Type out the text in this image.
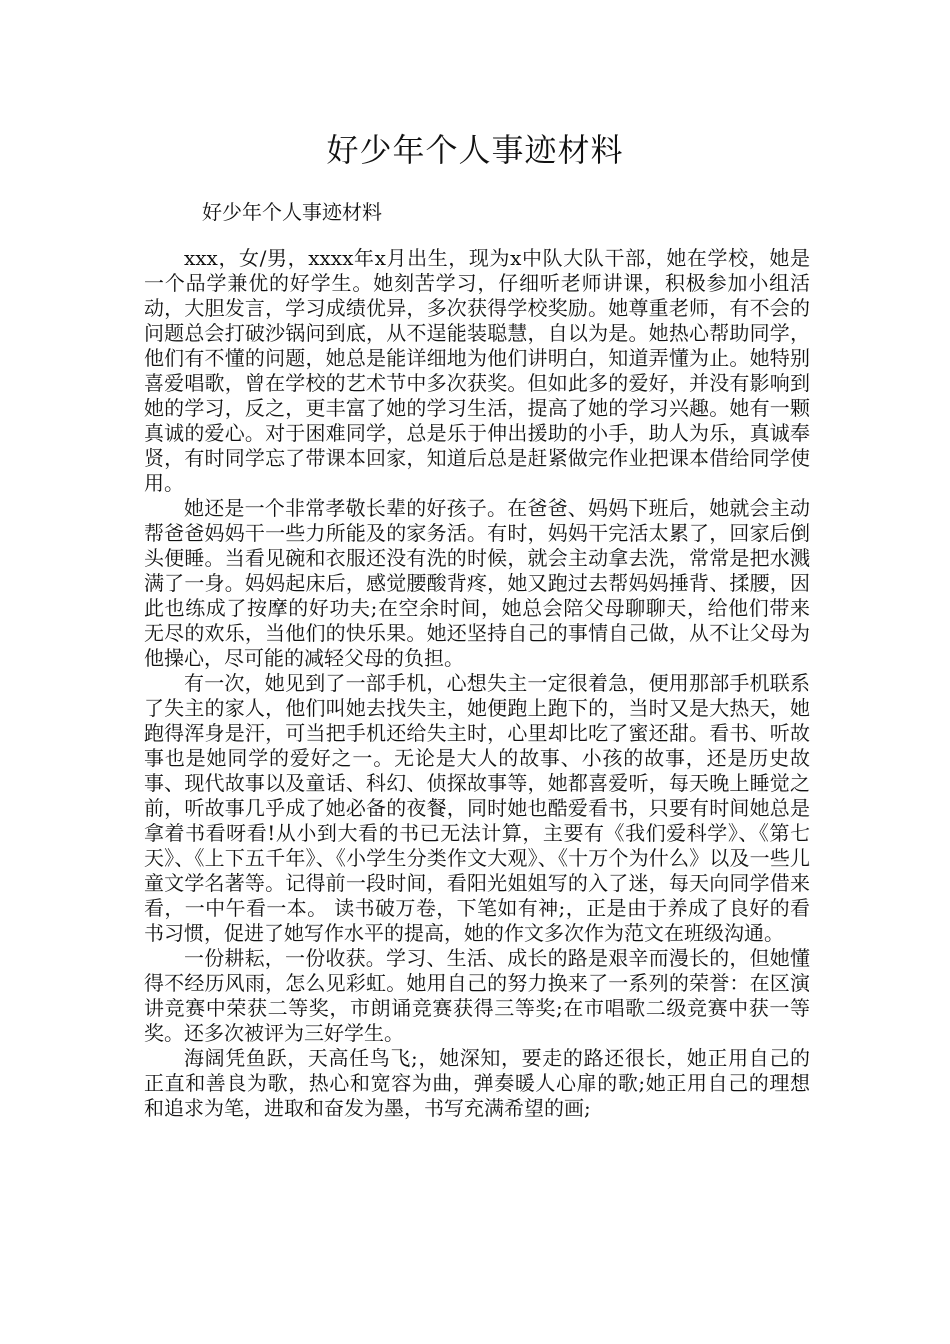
好少年个人事迹材料

好少年个人事迹材料

xxx，女/男，xxxx年x月出生，现为x中队大队干部，她在学校，她是一个品学兼优的好学生。她刻苦学习，仔细听老师讲课，积极参加小组活动，大胆发言，学习成绩优异，多次获得学校奖励。她尊重老师，有不会的问题总会打破沙锅问到底，从不逞能装聪慧，自以为是。她热心帮助同学，他们有不懂的问题，她总是能详细地为他们讲明白，知道弄懂为止。她特别喜爱唱歌，曾在学校的艺术节中多次获奖。但如此多的爱好，并没有影响到她的学习，反之，更丰富了她的学习生活，提高了她的学习兴趣。她有一颗真诚的爱心。对于困难同学，总是乐于伸出援助的小手，助人为乐，真诚奉贤，有时同学忘了带课本回家，知道后总是赶紧做完作业把课本借给同学使用。

她还是一个非常孝敬长辈的好孩子。在爸爸、妈妈下班后，她就会主动帮爸爸妈妈干一些力所能及的家务活。有时，妈妈干完活太累了，回家后倒头便睡。当看见碗和衣服还没有洗的时候，就会主动拿去洗，常常是把水溅满了一身。妈妈起床后，感觉腰酸背疼，她又跑过去帮妈妈捶背、揉腰，因此也练成了按摩的好功夫;在空余时间，她总会陪父母聊聊天，给他们带来无尽的欢乐，当他们的快乐果。她还坚持自己的事情自己做，从不让父母为他操心，尽可能的减轻父母的负担。

有一次，她见到了一部手机，心想失主一定很着急，便用那部手机联系了失主的家人，他们叫她去找失主，她便跑上跑下的，当时又是大热天，她跑得浑身是汗，可当把手机还给失主时，心里却比吃了蜜还甜。看书、听故事也是她同学的爱好之一。无论是大人的故事、小孩的故事，还是历史故事、现代故事以及童话、科幻、侦探故事等，她都喜爱听，每天晚上睡觉之前，听故事几乎成了她必备的夜餐，同时她也酷爱看书，只要有时间她总是拿着书看呀看!从小到大看的书已无法计算，主要有《我们爱科学》、《第七天》、《上下五千年》、《小学生分类作文大观》、《十万个为什么》以及一些儿童文学名著等。记得前一段时间，看阳光姐姐写的入了迷，每天向同学借来看，一中午看一本。 读书破万卷，下笔如有神;，正是由于养成了良好的看书习惯，促进了她写作水平的提高，她的作文多次作为范文在班级沟通。

一份耕耘，一份收获。学习、生活、成长的路是艰辛而漫长的，但她懂得不经历风雨，怎么见彩虹。她用自己的努力换来了一系列的荣誉：在区演讲竞赛中荣获二等奖，市朗诵竞赛获得三等奖;在市唱歌二级竞赛中获一等奖。还多次被评为三好学生。

海阔凭鱼跃，天高任鸟飞;，她深知，要走的路还很长，她正用自己的正直和善良为歌，热心和宽容为曲，弹奏暖人心扉的歌;她正用自己的理想和追求为笔，进取和奋发为墨，书写充满希望的画;
